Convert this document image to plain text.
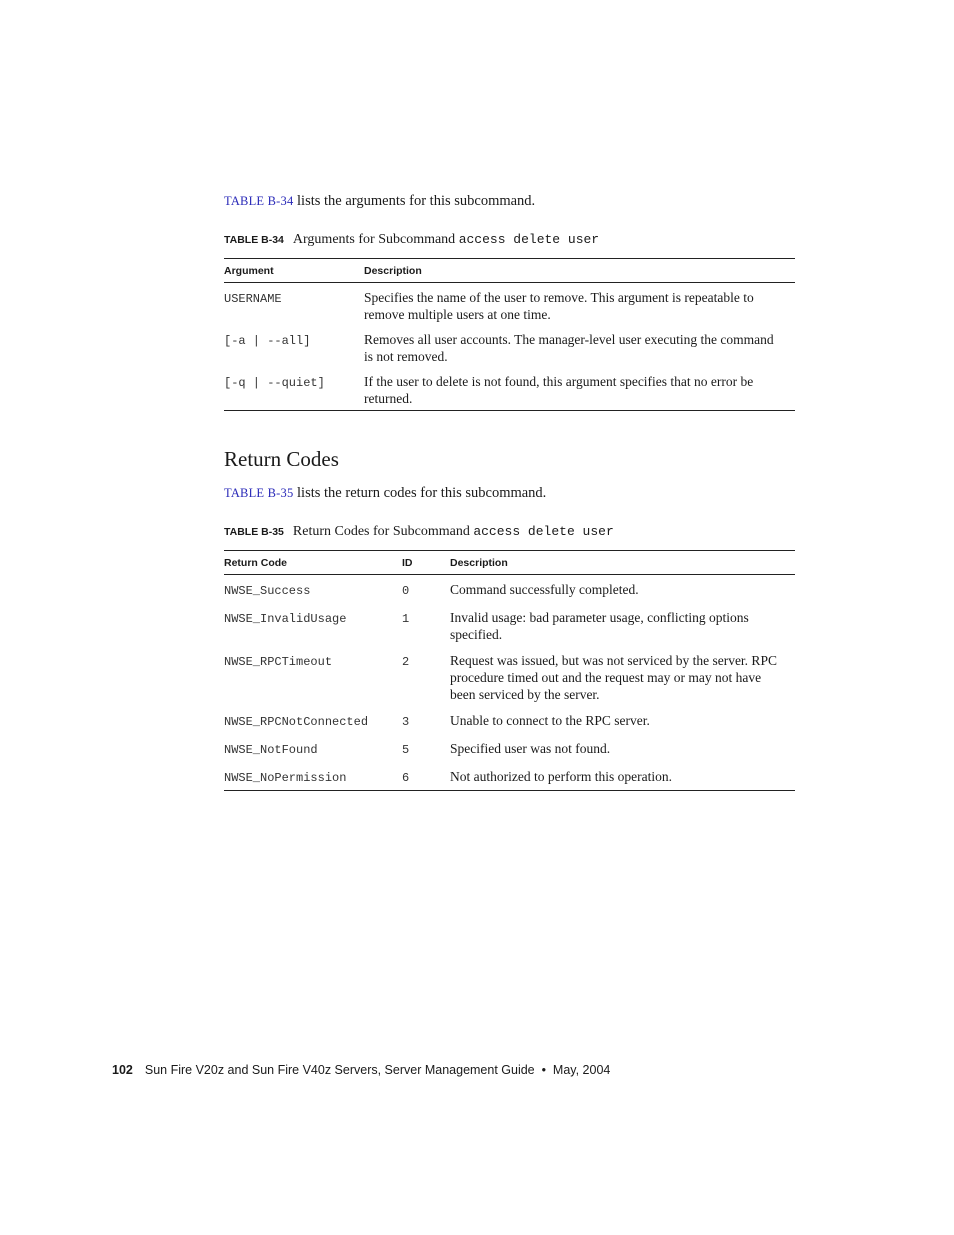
TABLE B-34 lists the arguments for this subcommand.
TABLE B-34 Arguments for Subcommand access delete user
Argument	Description
USERNAME	Specifies the name of the user to remove. This argument is repeatable to remove multiple users at one time.
[-a | --all]	Removes all user accounts. The manager-level user executing the command is not removed.
[-q | --quiet]	If the user to delete is not found, this argument specifies that no error be returned.
Return Codes
TABLE B-35 lists the return codes for this subcommand.
TABLE B-35 Return Codes for Subcommand access delete user
Return Code	ID	Description
NWSE_Success	0	Command successfully completed.
NWSE_InvalidUsage	1	Invalid usage: bad parameter usage, conflicting options specified.
NWSE_RPCTimeout	2	Request was issued, but was not serviced by the server. RPC procedure timed out and the request may or may not have been serviced by the server.
NWSE_RPCNotConnected	3	Unable to connect to the RPC server.
NWSE_NotFound	5	Specified user was not found.
NWSE_NoPermission	6	Not authorized to perform this operation.
102 Sun Fire V20z and Sun Fire V40z Servers, Server Management Guide  •  May, 2004
